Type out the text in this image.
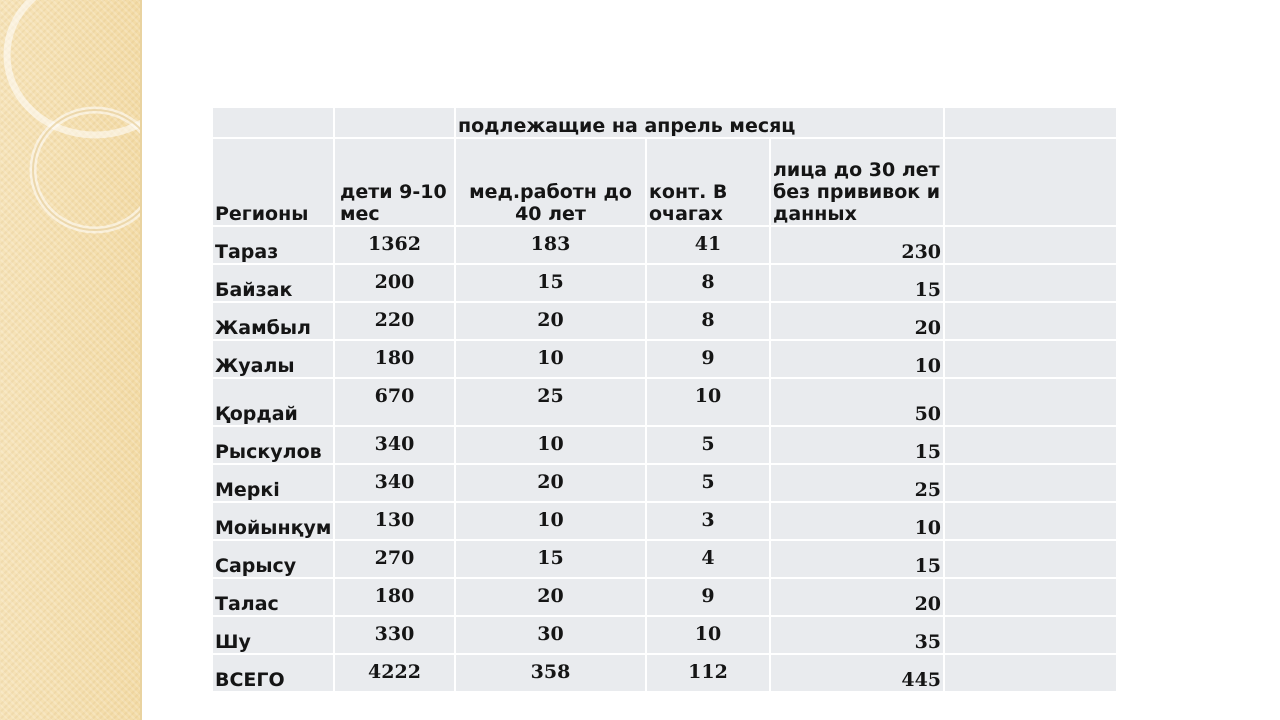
		подлежащие на апрель месяц			
Регионы	дети 9-10 мес	мед.работн до 40 лет	конт. В очагах	лица до 30 лет без прививок и данных	
Тараз	1362	183	41	230	
Байзак	200	15	8	15	
Жамбыл	220	20	8	20	
Жуалы	180	10	9	10	
Қордай	670	25	10	50	
Рыскулов	340	10	5	15	
Меркі	340	20	5	25	
Мойынқум	130	10	3	10	
Сарысу	270	15	4	15	
Талас	180	20	9	20	
Шу	330	30	10	35	
ВСЕГО	4222	358	112	445	
